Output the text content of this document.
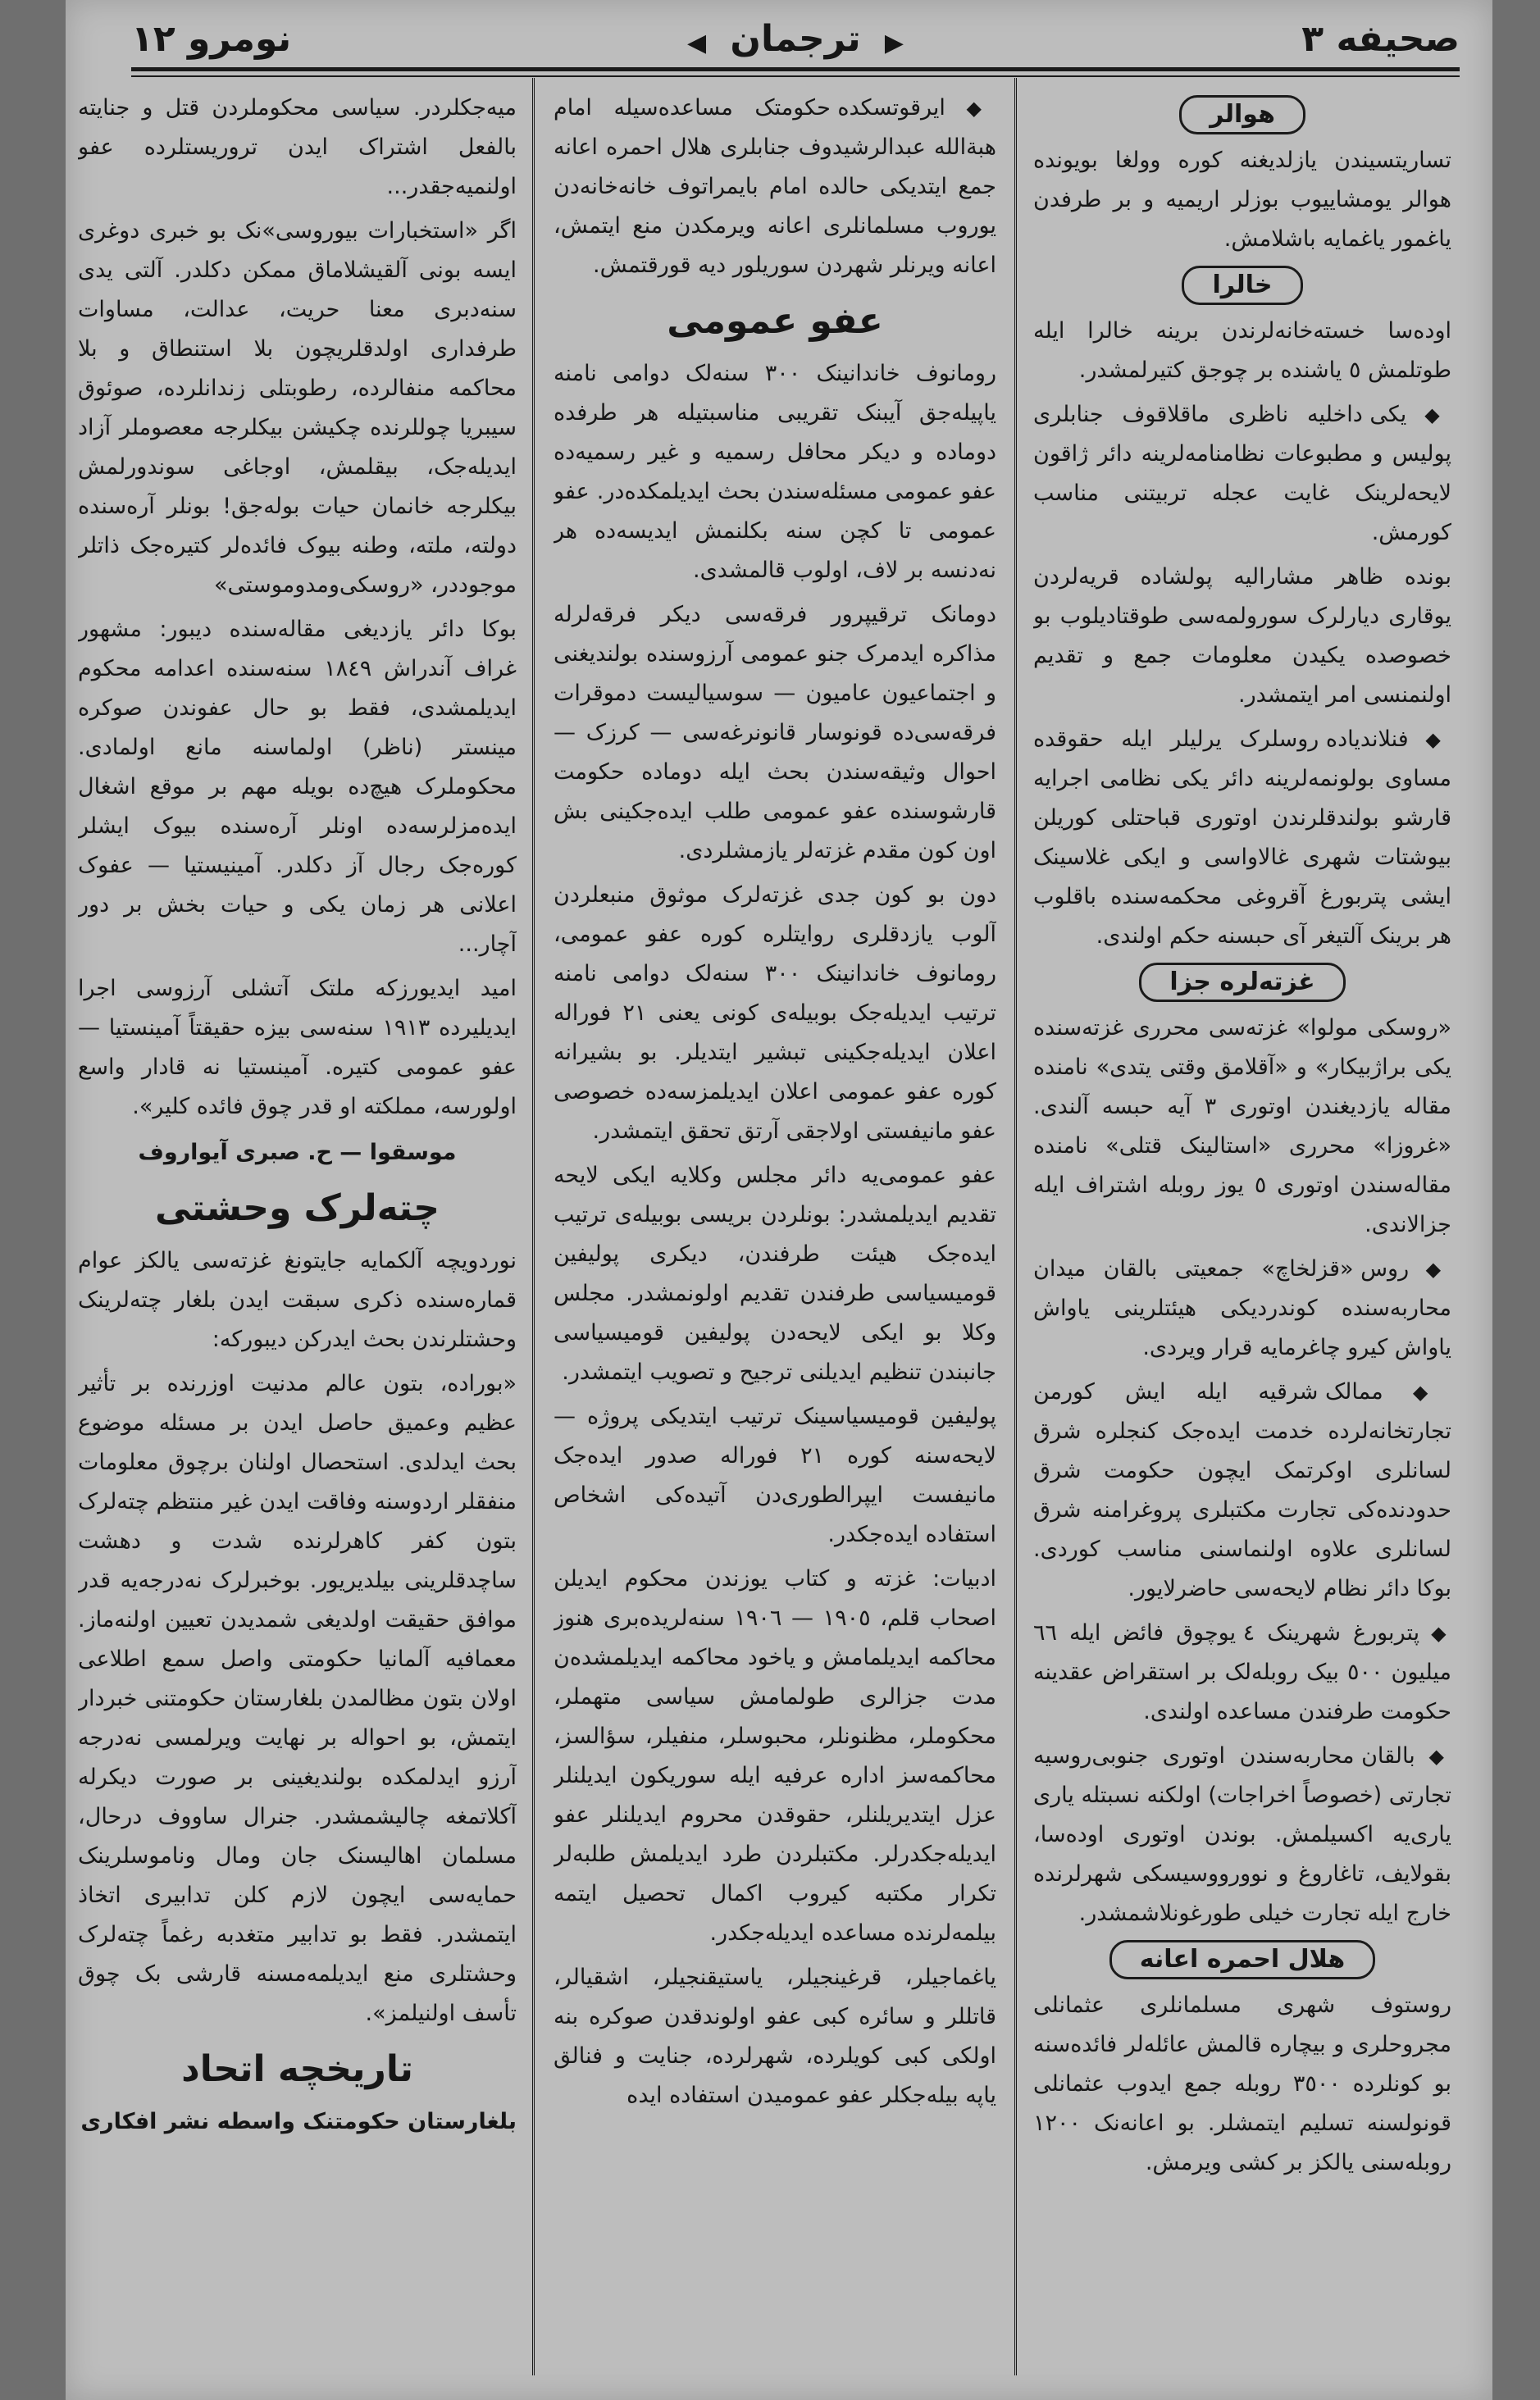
صحیفه ٣
▶ ترجمان ◀
نومرو ١٢
هوالر

تساریتسیندن یازلدیغنه کوره وولغا بویونده هوالر یومشاییوب بوزلر اریمیه و بر طرفدن یاغمور یاغمایه باشلامش.

خالرا

اودەسا خسته‌خانەلرندن برینه خالرا ایله طوتلمش ٥ یاشنده بر چوجق کتیرلمشدر.

◆ یکی داخلیه ناظری ماقلاقوف جنابلری پولیس و مطبوعات نظامنامه‌لرینه دائر ژاقون لایحه‌لرینک غایت عجله تربیتنی مناسب کورمش.

بونده ظاهر مشارالیه پولشاده قریه‌لردن یوقاری دیارلرک سورولمه‌سی طوقتادیلوب بو خصوصده یکیدن معلومات جمع و تقدیم اولنمنسی امر ایتمشدر.

◆ فنلاندیاده روسلرک یرلیلر ایله حقوقده مساوی بولونمه‌لرینه دائر یکی نظامی اجرایه قارشو بولندقلرندن اوتوری قباحتلی کوریلن بیوشتات شهری غالاواسی و ایکی غلاسینک ایشی پتربورغ آقروغی محکمه‌سنده باقلوب هر برینک آلتیغر آی حبسنه حکم اولندی.

غزته‌لره جزا

«روسکی مولوا» غزته‌سی محرری غزته‌سنده یکی براژبیکار» و «آقلامق وقتی یتدی» نامنده مقاله یازدیغندن اوتوری ٣ آیه حبسه آلندی. «غروزا» محرری «استالینک قتلی» نامنده مقاله‌سندن اوتوری ٥ یوز روبله اشتراف ایله جزالاندی.

◆ روس «قزلخاچ» جمعیتی بالقان میدان محاربه‌سنده کوندردیکی هیئتلرینی یاواش یاواش کیرو چاغرمایه قرار ویردی.

◆ ممالک شرقیه ایله ایش کورمن تجارتخانه‌لرده خدمت ایده‌جک کنجلره شرق لسانلری اوکرتمک ایچون حکومت شرق حدودنده‌کی تجارت مکتبلری پروغرامنه شرق لسانلری علاوه اولنماسنی مناسب کوردی. بوکا دائر نظام لایحه‌سی حاضرلایور.

◆ پتربورغ شهرینک ٤ یوچوق فائض ایله ٦٦ میلیون ٥٠٠ بیک روبله‌لک بر استقراض عقدینه حکومت طرفندن مساعده اولندی.

◆ بالقان محاربه‌سندن اوتوری جنوبی‌روسیه تجارتی (خصوصاً اخراجات) اولکنه نسبتله یاری یاری‌یه اکسیلمش. بوندن اوتوری اوده‌سا، بقولایف، تاغاروغ و نوورووسیسکی شهرلرنده خارج ایله تجارت خیلی طورغونلاشمشدر.

هلال احمره اعانه

روستوف شهری مسلمانلری عثمانلی مجروحلری و بیچاره قالمش عائله‌لر فائده‌سنه بو کونلرده ٣٥٠٠ روبله جمع ایدوب عثمانلی قونولسنه تسلیم ایتمشلر. بو اعانه‌نک ١٢٠٠ روبله‌سنی یالکز بر کشی ویرمش.

◆ ایرقوتسکده حکومتک مساعده‌سیله امام هبة‌الله عبدالرشیدوف جنابلری هلال احمره اعانه جمع ایتدیکی حالده امام بایمراتوف خانه‌خانه‌دن یوروب مسلمانلری اعانه ویرمکدن منع ایتمش، اعانه ویرنلر شهردن سوریلور دیه قورقتمش.

عفو عمومی

رومانوف خاندانینک ٣٠٠ سنه‌لک دوامی نامنه یاپیله‌جق آیبنک تقریبی مناسبتیله هر طرفده دوماده و دیکر محافل رسمیه و غیر رسمیه‌ده عفو عمومی مسئله‌سندن بحث ایدیلمکده‌در. عفو عمومی تا کچن سنه بکلنمش ایدیسه‌ده هر نه‌دنسه بر لاف، اولوب قالمشدی.

دومانک ترقیپرور فرقه‌سی دیکر فرقه‌لرله مذاکره ایدمرک جنو عمومی آرزوسنده بولندیغنی و اجتماعیون عامیون — سوسیالیست دموقرات فرقه‌سی‌ده قونوسار قانونرغه‌سی — کرزک — احوال وثیقه‌سندن بحث ایله دوماده حکومت قارشوسنده عفو عمومی طلب ایده‌جکینی بش اون کون مقدم غزته‌لر یازمشلردی.

دون بو کون جدی غزته‌لرک موثوق منبعلردن آلوب یازدقلری روایتلره کوره عفو عمومی، رومانوف خاندانینک ٣٠٠ سنه‌لک دوامی نامنه ترتیب ایدیله‌جک بوبیله‌ی کونی یعنی ٢١ فوراله اعلان ایدیله‌جکینی تبشیر ایتدیلر. بو بشیرانه کوره عفو عمومی اعلان ایدیلمزسه‌ده خصوصی عفو مانیفستی اولاجقی آرتق تحقق ایتمشدر.

عفو عمومی‌یه دائر مجلس وکلایه ایکی لایحه تقدیم ایدیلمشدر: بونلردن بریسی بوبیله‌ی ترتیب ایده‌جک هیئت طرفندن، دیکری پولیفین قومیسیاسی طرفندن تقدیم اولونمشدر. مجلس وکلا بو ایکی لایحه‌دن پولیفین قومیسیاسی جانبندن تنظیم ایدیلنی ترجیح و تصویب ایتمشدر.

پولیفین قومیسیاسینک ترتیب ایتدیکی پروژه — لایحه‌سنه کوره ٢١ فوراله صدور ایده‌جک مانیفست ایپرالطوری‌دن آتیده‌کی اشخاص استفاده ایده‌جکدر.

ادبیات: غزته و کتاب یوزندن محکوم ایدیلن اصحاب قلم، ١٩٠٥ — ١٩٠٦ سنه‌لریده‌بری هنوز محاکمه ایدیلمامش و یاخود محاکمه ایدیلمشده‌ن مدت جزالری طولمامش سیاسی متهملر، محکوملر، مظنونلر، محبوسلر، منفیلر، سؤالسز، محاکمه‌سز اداره عرفیه ایله سوریکون ایدیلنلر عزل ایتدیریلنلر، حقوقدن محروم ایدیلنلر عفو ایدیله‌جکدرلر. مکتبلردن طرد ایدیلمش طلبه‌لر تکرار مکتبه کیروب اکمال تحصیل ایتمه بیلمه‌لرنده مساعده ایدیله‌جکدر.

یاغماجیلر، قرغینجیلر، یاستیقنجیلر، اشقیالر، قاتللر و سائره کبی عفو اولوندقدن صوکره بنه اولکی کبی کویلرده، شهرلرده، جنایت و فنالق یاپه بیله‌جکلر عفو عمومیدن استفاده ایده

میه‌جکلردر. سیاسی محکوملردن قتل و جنایته بالفعل اشتراک ایدن تروریستلرده عفو اولنمیه‌جقدر...

اگر «استخبارات بیوروسی»نک بو خبری دوغری ایسه بونی آلقیشلاماق ممکن دکلدر. آلتی یدی سنه‌دبری معنا حریت، عدالت، مساوات طرفداری اولدقلریچون بلا استنطاق و بلا محاکمه منفالرده، رطوبتلی زندانلرده، صوئوق سیبریا چوللرنده چکیشن بیکلرجه معصوملر آزاد ایدیله‌جک، بیقلمش، اوجاغی سوندورلمش بیکلرجه خانمان حیات بوله‌جق! بونلر آرەسنده دولته، ملته، وطنه بیوک فائده‌لر کتیره‌جک ذاتلر موجوددر، «روسکی‌ومدوموستی»

بوکا دائر یازدیغی مقاله‌سنده دیبور: مشهور غراف آندراش ١٨٤٩ سنه‌سنده اعدامه محکوم ایدیلمشدی، فقط بو حال عفوندن صوکره مینستر (ناظر) اولماسنه مانع اولمادی. محکوملرک هیچ‌ده بویله مهم بر موقع اشغال ایده‌مزلرسه‌ده اونلر آرەسنده بیوک ایشلر کوره‌جک رجال آز دکلدر. آمینیستیا — عفوک اعلانی هر زمان یکی و حیات بخش بر دور آچار...

امید ایدیورزکه ملتک آتشلی آرزوسی اجرا ایدیلیرده ١٩١٣ سنه‌سی بیزه حقیقتاً آمینستیا — عفو عمومی کتیره. آمینستیا نه قادار واسع اولورسه، مملکته او قدر چوق فائده کلیر».

موسقوا — ح. صبری آیواروف
چته‌لرک وحشتی

نوردویچه آلکمایه جایتونغ غزته‌سی یالکز عوام قماره‌سنده ذکری سبقت ایدن بلغار چته‌لرینک وحشتلرندن بحث ایدرکن دیبورکه:

«بوراده، بتون عالم مدنیت اوزرنده بر تأثیر عظیم وعمیق حاصل ایدن بر مسئله موضوع بحث ایدلدی. استحصال اولنان برچوق معلومات منفقلر اردوسنه وفاقت ایدن غیر منتظم چته‌لرک بتون کفر کاهرلرنده شدت و دهشت ساچدقلرینی بیلدیریور. بوخبرلرک نه‌درجه‌یه قدر موافق حقیقت اولدیغی شمدیدن تعیین اولنه‌ماز. معمافیه آلمانیا حکومتی واصل سمع اطلاعی اولان بتون مظالمدن بلغارستان حکومتنی خبردار ایتمش، بو احواله بر نهایت ویرلمسی نه‌درجه آرزو ایدلمکده بولندیغینی بر صورت دیکرله آکلاتمغه چالیشمشدر. جنرال ساووف درحال، مسلمان اهالیسنک جان ومال وناموسلرینک حمایه‌سی ایچون لازم کلن تدابیری اتخاذ ایتمشدر. فقط بو تدابیر متغدبه رغماً چته‌لرک وحشتلری منع ایدیلمه‌مسنه قارشی بک چوق تأسف اولنیلمز».

تاریخچه اتحاد

بلغارستان حکومتنک واسطه نشر افکاری
